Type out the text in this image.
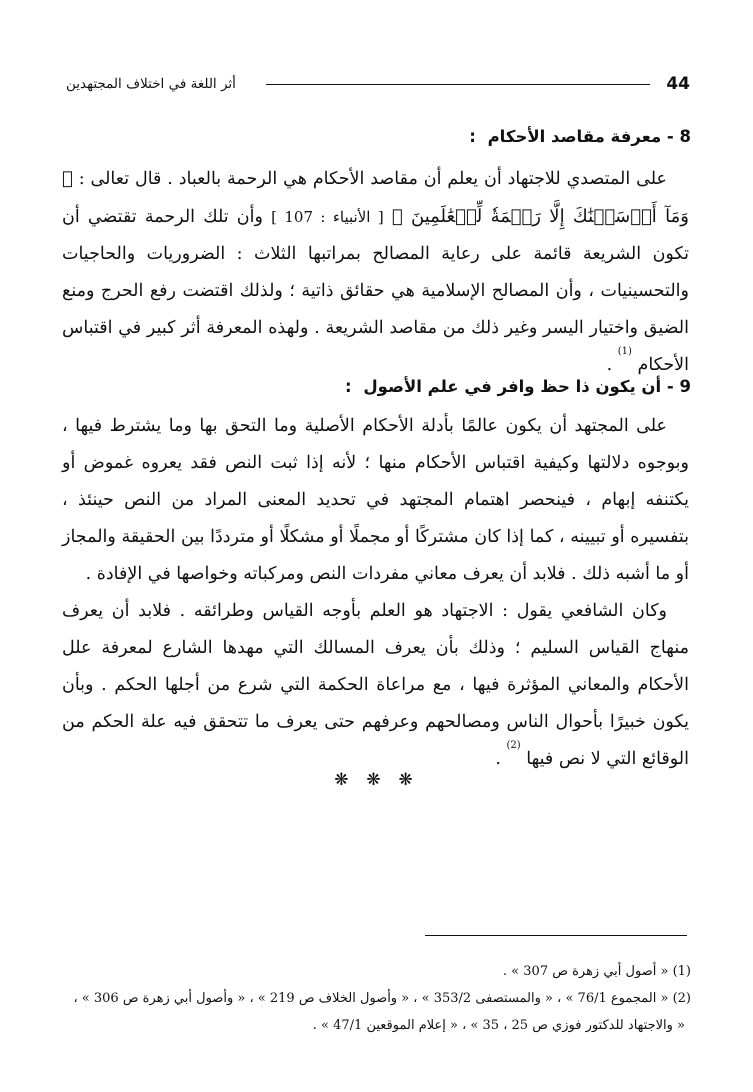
44
أثر اللغة في اختلاف المجتهدين
8 - معرفة مقاصد الأحكام :

على المتصدي للاجتهاد أن يعلم أن مقاصد الأحكام هي الرحمة بالعباد . قال تعالى : ﴿ وَمَآ أَرۡسَلۡنَٰكَ إِلَّا رَحۡمَةٗ لِّلۡعَٰلَمِينَ ﴾ [ الأنبياء : 107 ] وأن تلك الرحمة تقتضي أن تكون الشريعة قائمة على رعاية المصالح بمراتبها الثلاث : الضروريات والحاجيات والتحسينيات ، وأن المصالح الإسلامية هي حقائق ذاتية ؛ ولذلك اقتضت رفع الحرج ومنع الضيق واختيار اليسر وغير ذلك من مقاصد الشريعة . ولهذه المعرفة أثر كبير في اقتباس الأحكام $^{(1)}$ .

9 - أن يكون ذا حظ وافر في علم الأصول :

على المجتهد أن يكون عالمًا بأدلة الأحكام الأصلية وما التحق بها وما يشترط فيها ، وبوجوه دلالتها وكيفية اقتباس الأحكام منها ؛ لأنه إذا ثبت النص فقد يعروه غموض أو يكتنفه إبهام ، فينحصر اهتمام المجتهد في تحديد المعنى المراد من النص حينئذ ، بتفسيره أو تبيينه ، كما إذا كان مشتركًا أو مجملًا أو مشكلًا أو مترددًا بين الحقيقة والمجاز أو ما أشبه ذلك . فلابد أن يعرف معاني مفردات النص ومركباته وخواصها في الإفادة .

وكان الشافعي يقول : الاجتهاد هو العلم بأوجه القياس وطرائقه . فلابد أن يعرف منهاج القياس السليم ؛ وذلك بأن يعرف المسالك التي مهدها الشارع لمعرفة علل الأحكام والمعاني المؤثرة فيها ، مع مراعاة الحكمة التي شرع من أجلها الحكم . وبأن يكون خبيرًا بأحوال الناس ومصالحهم وعرفهم حتى يعرف ما تتحقق فيه علة الحكم من الوقائع التي لا نص فيها $^{(2)}$ .

❋ ❋ ❋

(1) « أصول أبي زهرة ص 307 » .

(2) « المجموع 76/1 » ، « والمستصفى 353/2 » ، « وأصول الخلاف ص 219 » ، « وأصول أبي زهرة ص 306 » ،

« والاجتهاد للدكتور فوزي ص 25 ، 35 » ، « إعلام الموقعين 47/1 » .
